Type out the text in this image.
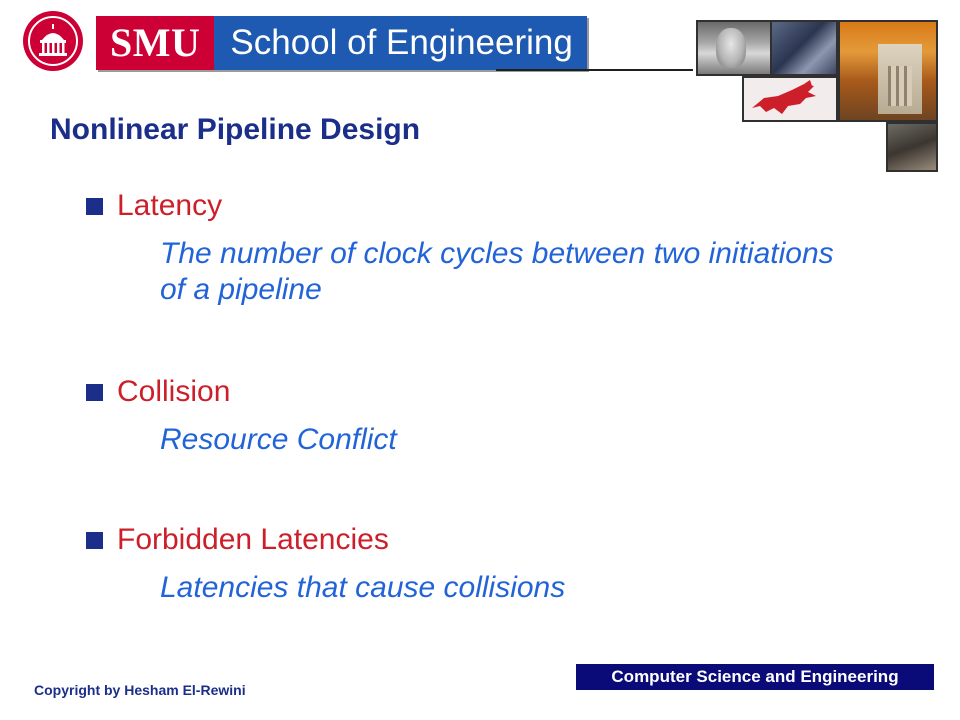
SMU School of Engineering
Nonlinear Pipeline Design
Latency
The number of clock cycles between two initiations of a pipeline
Collision
Resource Conflict
Forbidden Latencies
Latencies that cause collisions
Copyright by Hesham El-Rewini
Computer Science and Engineering
